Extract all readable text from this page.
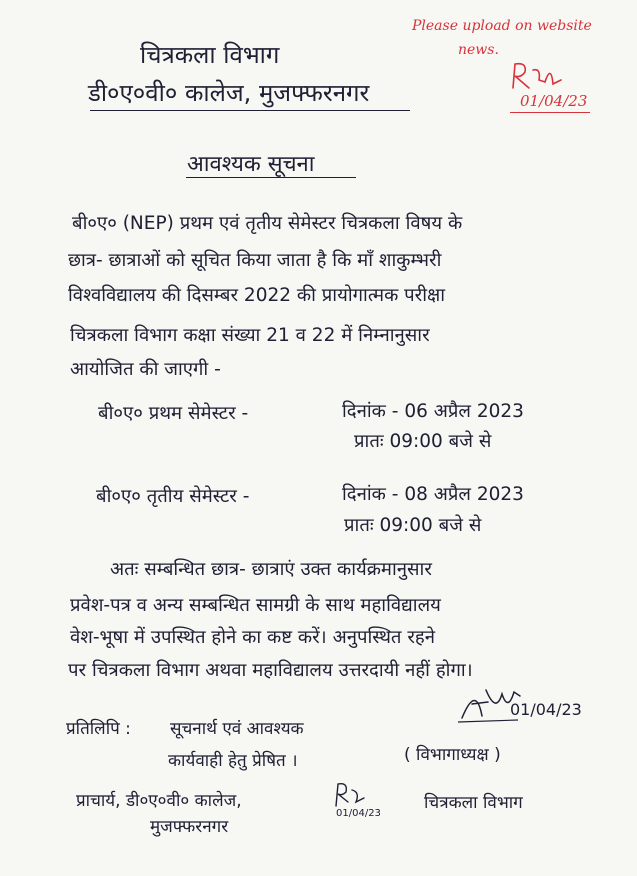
Please upload on website
news.
01/04/23
चित्रकला विभाग
डी०ए०वी० कालेज, मुजफ्फरनगर
आवश्यक सूचना
बी०ए० (NEP) प्रथम एवं तृतीय सेमेस्टर चित्रकला विषय के
छात्र- छात्राओं को सूचित किया जाता है कि माँ शाकुम्भरी
विश्वविद्यालय की दिसम्बर 2022 की प्रायोगात्मक परीक्षा
चित्रकला विभाग कक्षा संख्या 21 व 22 में निम्नानुसार
आयोजित की जाएगी -
बी०ए० प्रथम सेमेस्टर -	दिनांक - 06 अप्रैल 2023
प्रातः 09:00 बजे से
बी०ए० तृतीय सेमेस्टर -	दिनांक - 08 अप्रैल 2023
प्रातः 09:00 बजे से
अतः सम्बन्धित छात्र- छात्राएं उक्त कार्यक्रमानुसार
प्रवेश-पत्र व अन्य सम्बन्धित सामग्री के साथ महाविद्यालय
वेश-भूषा में उपस्थित होने का कष्ट करें। अनुपस्थित रहने
पर चित्रकला विभाग अथवा महाविद्यालय उत्तरदायी नहीं होगा।
01/04/23
( विभागाध्यक्ष )
चित्रकला विभाग
प्रतिलिपि : सूचनार्थ एवं आवश्यक
कार्यवाही हेतु प्रेषित ।
प्राचार्य, डी०ए०वी० कालेज,
मुजफ्फरनगर
01/04/23
